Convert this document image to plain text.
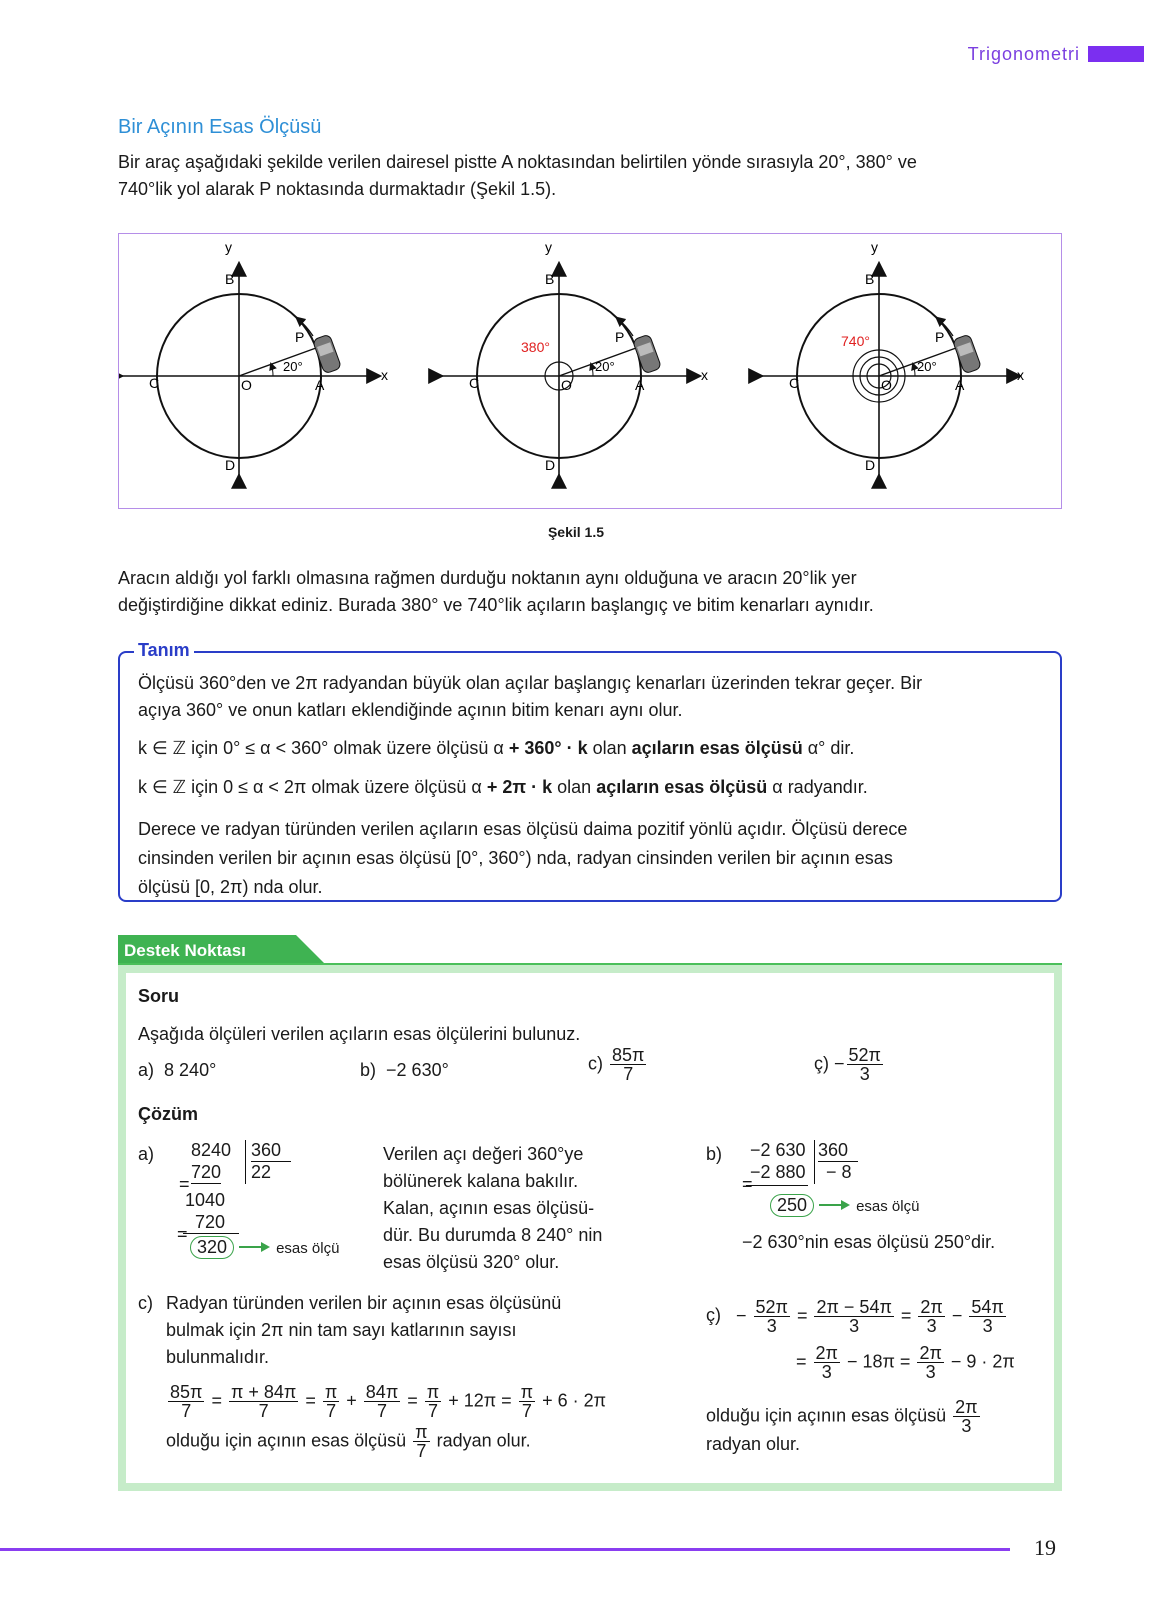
Trigonometri
Bir Açının Esas Ölçüsü
Bir araç aşağıdaki şekilde verilen dairesel pistte A noktasından belirtilen yönde sırasıyla 20°, 380° ve
740°lik yol alarak P noktasında durmaktadır (Şekil 1.5).
y
x
B
C	O	A
D
P
20°
y
x
B
C	O	A
D
P
20°
380°
y
x
B
C	O	A
D
P
20°
740°
Şekil 1.5
Aracın aldığı yol farklı olmasına rağmen durduğu noktanın aynı olduğuna ve aracın 20°lik yer
değiştirdiğine dikkat ediniz. Burada 380° ve 740°lik açıların başlangıç ve bitim kenarları aynıdır.
Tanım
Ölçüsü 360°den ve 2π radyandan büyük olan açılar başlangıç kenarları üzerinden tekrar geçer. Bir
açıya 360° ve onun katları eklendiğinde açının bitim kenarı aynı olur.
k ∈ ℤ için 0° ≤ α < 360° olmak üzere ölçüsü α + 360° · k olan açıların esas ölçüsü α° dir.
k ∈ ℤ için 0 ≤ α < 2π olmak üzere ölçüsü α + 2π · k olan açıların esas ölçüsü α radyandır.
Derece ve radyan türünden verilen açıların esas ölçüsü daima pozitif yönlü açıdır. Ölçüsü derece
cinsinden verilen bir açının esas ölçüsü [0°, 360°) nda, radyan cinsinden verilen bir açının esas
ölçüsü [0, 2π) nda olur.
Destek Noktası
Soru
Aşağıda ölçüleri verilen açıların esas ölçülerini bulunuz.
a) 8 240°	b) −2 630°	$c) \frac{85\pi}{7}$	ç) − $\frac{52\pi}{3}$
Çözüm
a) 8240 360
720 22
=
1040
720
=
320	esas ölçü
Verilen açı değeri 360°ye
bölünerek kalana bakılır.
Kalan, açının esas ölçüsü-
dür. Bu durumda 8 240° nin
esas ölçüsü 320° olur.
b) −2 630 360
−2 880 − 8
=
250	esas ölçü
−2 630°nin esas ölçüsü 250°dir.
c) Radyan türünden verilen bir açının esas ölçüsünü
bulmak için 2π nin tam sayı katlarının sayısı
bulunmalıdır.
$\frac{85\pi}{7} = \frac{\pi + 84\pi}{7} = \frac{\pi}{7} + \frac{84\pi}{7} = \frac{\pi}{7} + 12\pi = \frac{\pi}{7} + 6 \cdot 2\pi$
olduğu için açının esas ölçüsü $\frac{\pi}{7}$ radyan olur.
ç) − $\frac{52\pi}{3} = \frac{2\pi - 54\pi}{3} = \frac{2\pi}{3} - \frac{54\pi}{3}$
= $\frac{2\pi}{3} - 18\pi = \frac{2\pi}{3} - 9 \cdot 2\pi$
olduğu için açının esas ölçüsü $\frac{2\pi}{3}$
radyan olur.
19
